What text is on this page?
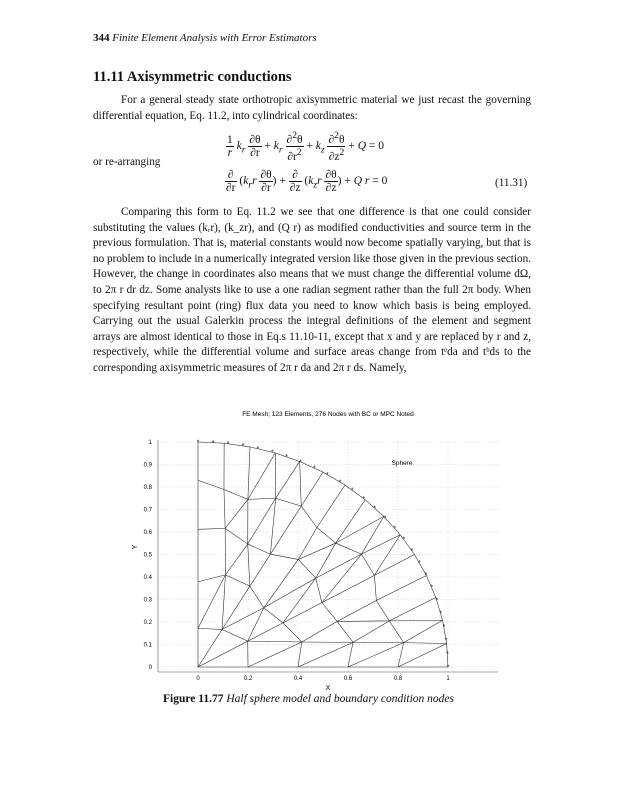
344 Finite Element Analysis with Error Estimators
11.11 Axisymmetric conductions

For a general steady state orthotropic axisymmetric material we just recast the governing differential equation, Eq. 11.2, into cylindrical coordinates:

$\frac{1}{r} k_r \frac{\partial\theta}{\partial r} + k_r \frac{\partial^2\theta}{\partial r^2} + k_z \frac{\partial^2\theta}{\partial z^2} + Q = 0$
or re-arranging
$\frac{\partial}{\partial r} (k_rr \frac{\partial\theta}{\partial r}$ ) + $\frac{\partial}{\partial z} (k_zr \frac{\partial\theta}{\partial z}$ ) + Q r = 0	(11.31)

Comparing this form to Eq. 11.2 we see that one difference is that one could consider substituting the values (kᵣr), (k_zr), and (Q r) as modified conductivities and source term in the previous formulation. That is, material constants would now become spatially varying, but that is no problem to include in a numerically integrated version like those given in the previous section. However, the change in coordinates also means that we must change the differential volume dΩ, to 2π r dr dz. Some analysts like to use a one radian segment rather than the full 2π body. When specifying resultant point (ring) flux data you need to know which basis is being employed. Carrying out the usual Galerkin process the integral definitions of the element and segment arrays are almost identical to those in Eq.s 11.10-11, except that x and y are replaced by r and z, respectively, while the differential volume and surface areas change from tᵉda and tᵇds to the corresponding axisymmetric measures of 2π r da and 2π r ds. Namely,

FE Mesh; 123 Elements, 276 Nodes with BC or MPC Noted
Sphere
X
Y
0
0.1
0.2
0.3
0.4
0.5
0.6
0.7
0.8
0.9
1
0	0.2	0.4	0.6	0.8	1
*
*
*
*
*
*
*
*
*
*
*
*
*
*
*
*
*
*
*
*
*
*
*
*
*
*
*
Figure 11.77 Half sphere model and boundary condition nodes
